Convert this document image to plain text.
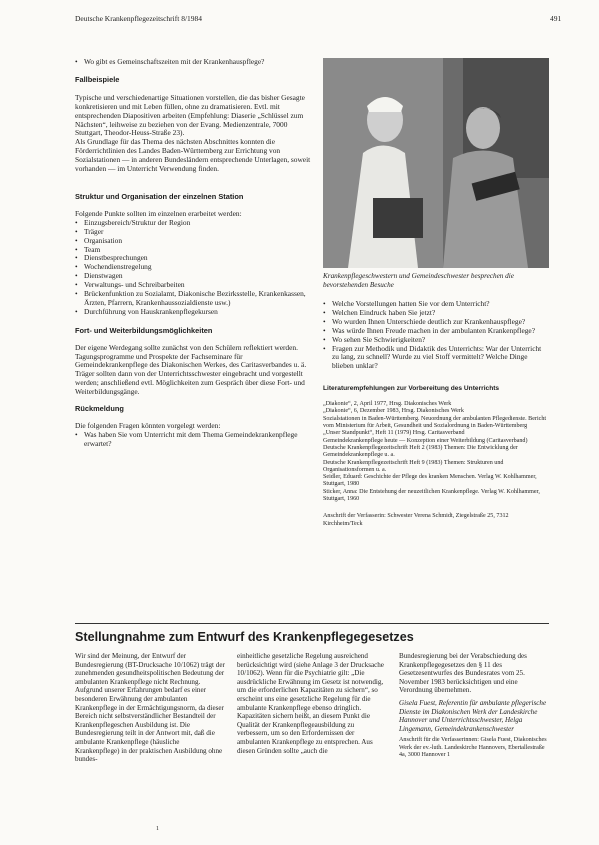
Deutsche Krankenpflegezeitschrift 8/1984	491
• Wo gibt es Gemeinschaftszeiten mit der Krankenhauspflege?
Fallbeispiele

Typische und verschiedenartige Situationen vorstellen, die das bisher Gesagte konkretisieren und mit Leben füllen, ohne zu dramatisieren. Evtl. mit entsprechenden Diapositiven arbeiten (Empfehlung: Diaserie „Schlüssel zum Nächsten“, leihweise zu beziehen von der Evang. Medienzentrale, 7000 Stuttgart, Theodor-Heuss-Straße 23).

Als Grundlage für das Thema des nächsten Abschnittes konnten die Förderrichtlinien des Landes Baden-Württemberg zur Errichtung von Sozialstationen — in anderen Bundesländern entsprechende Unterlagen, soweit vorhanden — im Unterricht Verwendung finden.

Struktur und Organisation der einzelnen Station

Folgende Punkte sollten im einzelnen erarbeitet werden:

• Einzugsbereich/Struktur der Region
• Träger
• Organisation
• Team
• Dienstbesprechungen
• Wochendienstregelung
• Dienstwagen
• Verwaltungs- und Schreibarbeiten
• Brückenfunktion zu Sozialamt, Diakonische Bezirksstelle, Krankenkassen, Ärzten, Pfarrern, Krankenhaussozialdienste usw.)
• Durchführung von Hauskrankenpflegekursen
Fort- und Weiterbildungsmöglichkeiten

Der eigene Werdegang sollte zunächst von den Schülern reflektiert werden. Tagungsprogramme und Prospekte der Fachseminare für Gemeindekrankenpflege des Diakonischen Werkes, des Caritasverbandes u. ä. Träger sollten dann von der Unterrichtsschwester eingebracht und vorgestellt werden; anschließend evtl. Möglichkeiten zum Gespräch über diese Fort- und Weiterbildungsgänge.

Rückmeldung

Die folgenden Fragen könnten vorgelegt werden:

• Was haben Sie vom Unterricht mit dem Thema Gemeindekrankenpflege erwartet?
Krankenpflegeschwestern und Gemeindeschwester besprechen die bevorstehenden Besuche
• Welche Vorstellungen hatten Sie vor dem Unterricht?
• Welchen Eindruck haben Sie jetzt?
• Wo wurden Ihnen Unterschiede deutlich zur Krankenhauspflege?
• Was würde Ihnen Freude machen in der ambulanten Krankenpflege?
• Wo sehen Sie Schwierigkeiten?
• Fragen zur Methodik und Didaktik des Unterrichts: War der Unterricht zu lang, zu schnell? Wurde zu viel Stoff vermittelt? Welche Dinge blieben unklar?
Literaturempfehlungen zur Vorbereitung des Unterrichts

„Diakonie“, 2, April 1977, Hrsg. Diakonisches Werk

„Diakonie“, 6, Dezember 1983, Hrsg. Diakonisches Werk

Sozialstationen in Baden-Württemberg. Neuordnung der ambulanten Pflegedienste. Bericht vom Ministerium für Arbeit, Gesundheit und Sozialordnung in Baden-Württemberg

„Unser Standpunkt“, Heft 11 (1979) Hrsg. Caritasverband

Gemeindekrankenpflege heute — Konzeption einer Weiterbildung (Caritasverband)

Deutsche Krankenpflegezeitschrift Heft 2 (1983) Themen: Die Entwicklung der Gemeindekrankenpflege u. a.

Deutsche Krankenpflegezeitschrift Heft 9 (1983) Themen: Strukturen und Organisationsformen u. a.

Seidler, Eduard: Geschichte der Pflege des kranken Menschen. Verlag W. Kohlhammer, Stuttgart, 1980

Sticker, Anna: Die Entstehung der neuzeitlichen Krankenpflege. Verlag W. Kohlhammer, Stuttgart, 1960

Anschrift der Verfasserin: Schwester Verena Schmidt, Ziegelstraße 25, 7312 Kirchheim/Teck
Stellungnahme zum Entwurf des Krankenpflegegesetzes

Wir sind der Meinung, der Entwurf der Bundesregierung (BT-Drucksache 10/1062) trägt der zunehmenden gesundheitspolitischen Bedeutung der ambulanten Krankenpflege nicht Rechnung. Aufgrund unserer Erfahrungen bedarf es einer besonderen Erwähnung der ambulanten Krankenpflege in der Ermächtigungsnorm, da dieser Bereich nicht selbstverständlicher Bestandteil der Krankenpflegeschen Ausbildung ist. Die Bundesregierung teilt in der Antwort mit, daß die ambulante Krankenpflege (häusliche Krankenpflege) in der praktischen Ausbildung ohne bundes-

einheitliche gesetzliche Regelung ausreichend berücksichtigt wird (siehe Anlage 3 der Drucksache 10/1062). Wenn für die Psychiatrie gilt: „Die ausdrückliche Erwähnung im Gesetz ist notwendig, um die erforderlichen Kapazitäten zu sichern“, so erscheint uns eine gesetzliche Regelung für die ambulante Krankenpflege ebenso dringlich. Kapazitäten sichern heißt, an diesem Punkt die Qualität der Krankenpflegeausbildung zu verbessern, um so den Erfordernissen der ambulanten Krankenpflege zu entsprechen. Aus diesen Gründen sollte „auch die

Bundesregierung bei der Verabschiedung des Krankenpflegegesetzes den § 11 des Gesetzesentwurfes des Bundesrates vom 25. November 1983 berücksichtigen und eine Verordnung übernehmen.

Gisela Fuest, Referentin für ambulante pflegerische Dienste im Diakonischen Werk der Landeskirche Hannover und Unterrichtsschwester, Helga Lingemann, Gemeindekrankenschwester

Anschrift für die Verfasserinnen: Gisela Fuest, Diakonisches Werk der ev.-luth. Landeskirche Hannovers, Ebertallestraße 4a, 3000 Hannover 1

1
